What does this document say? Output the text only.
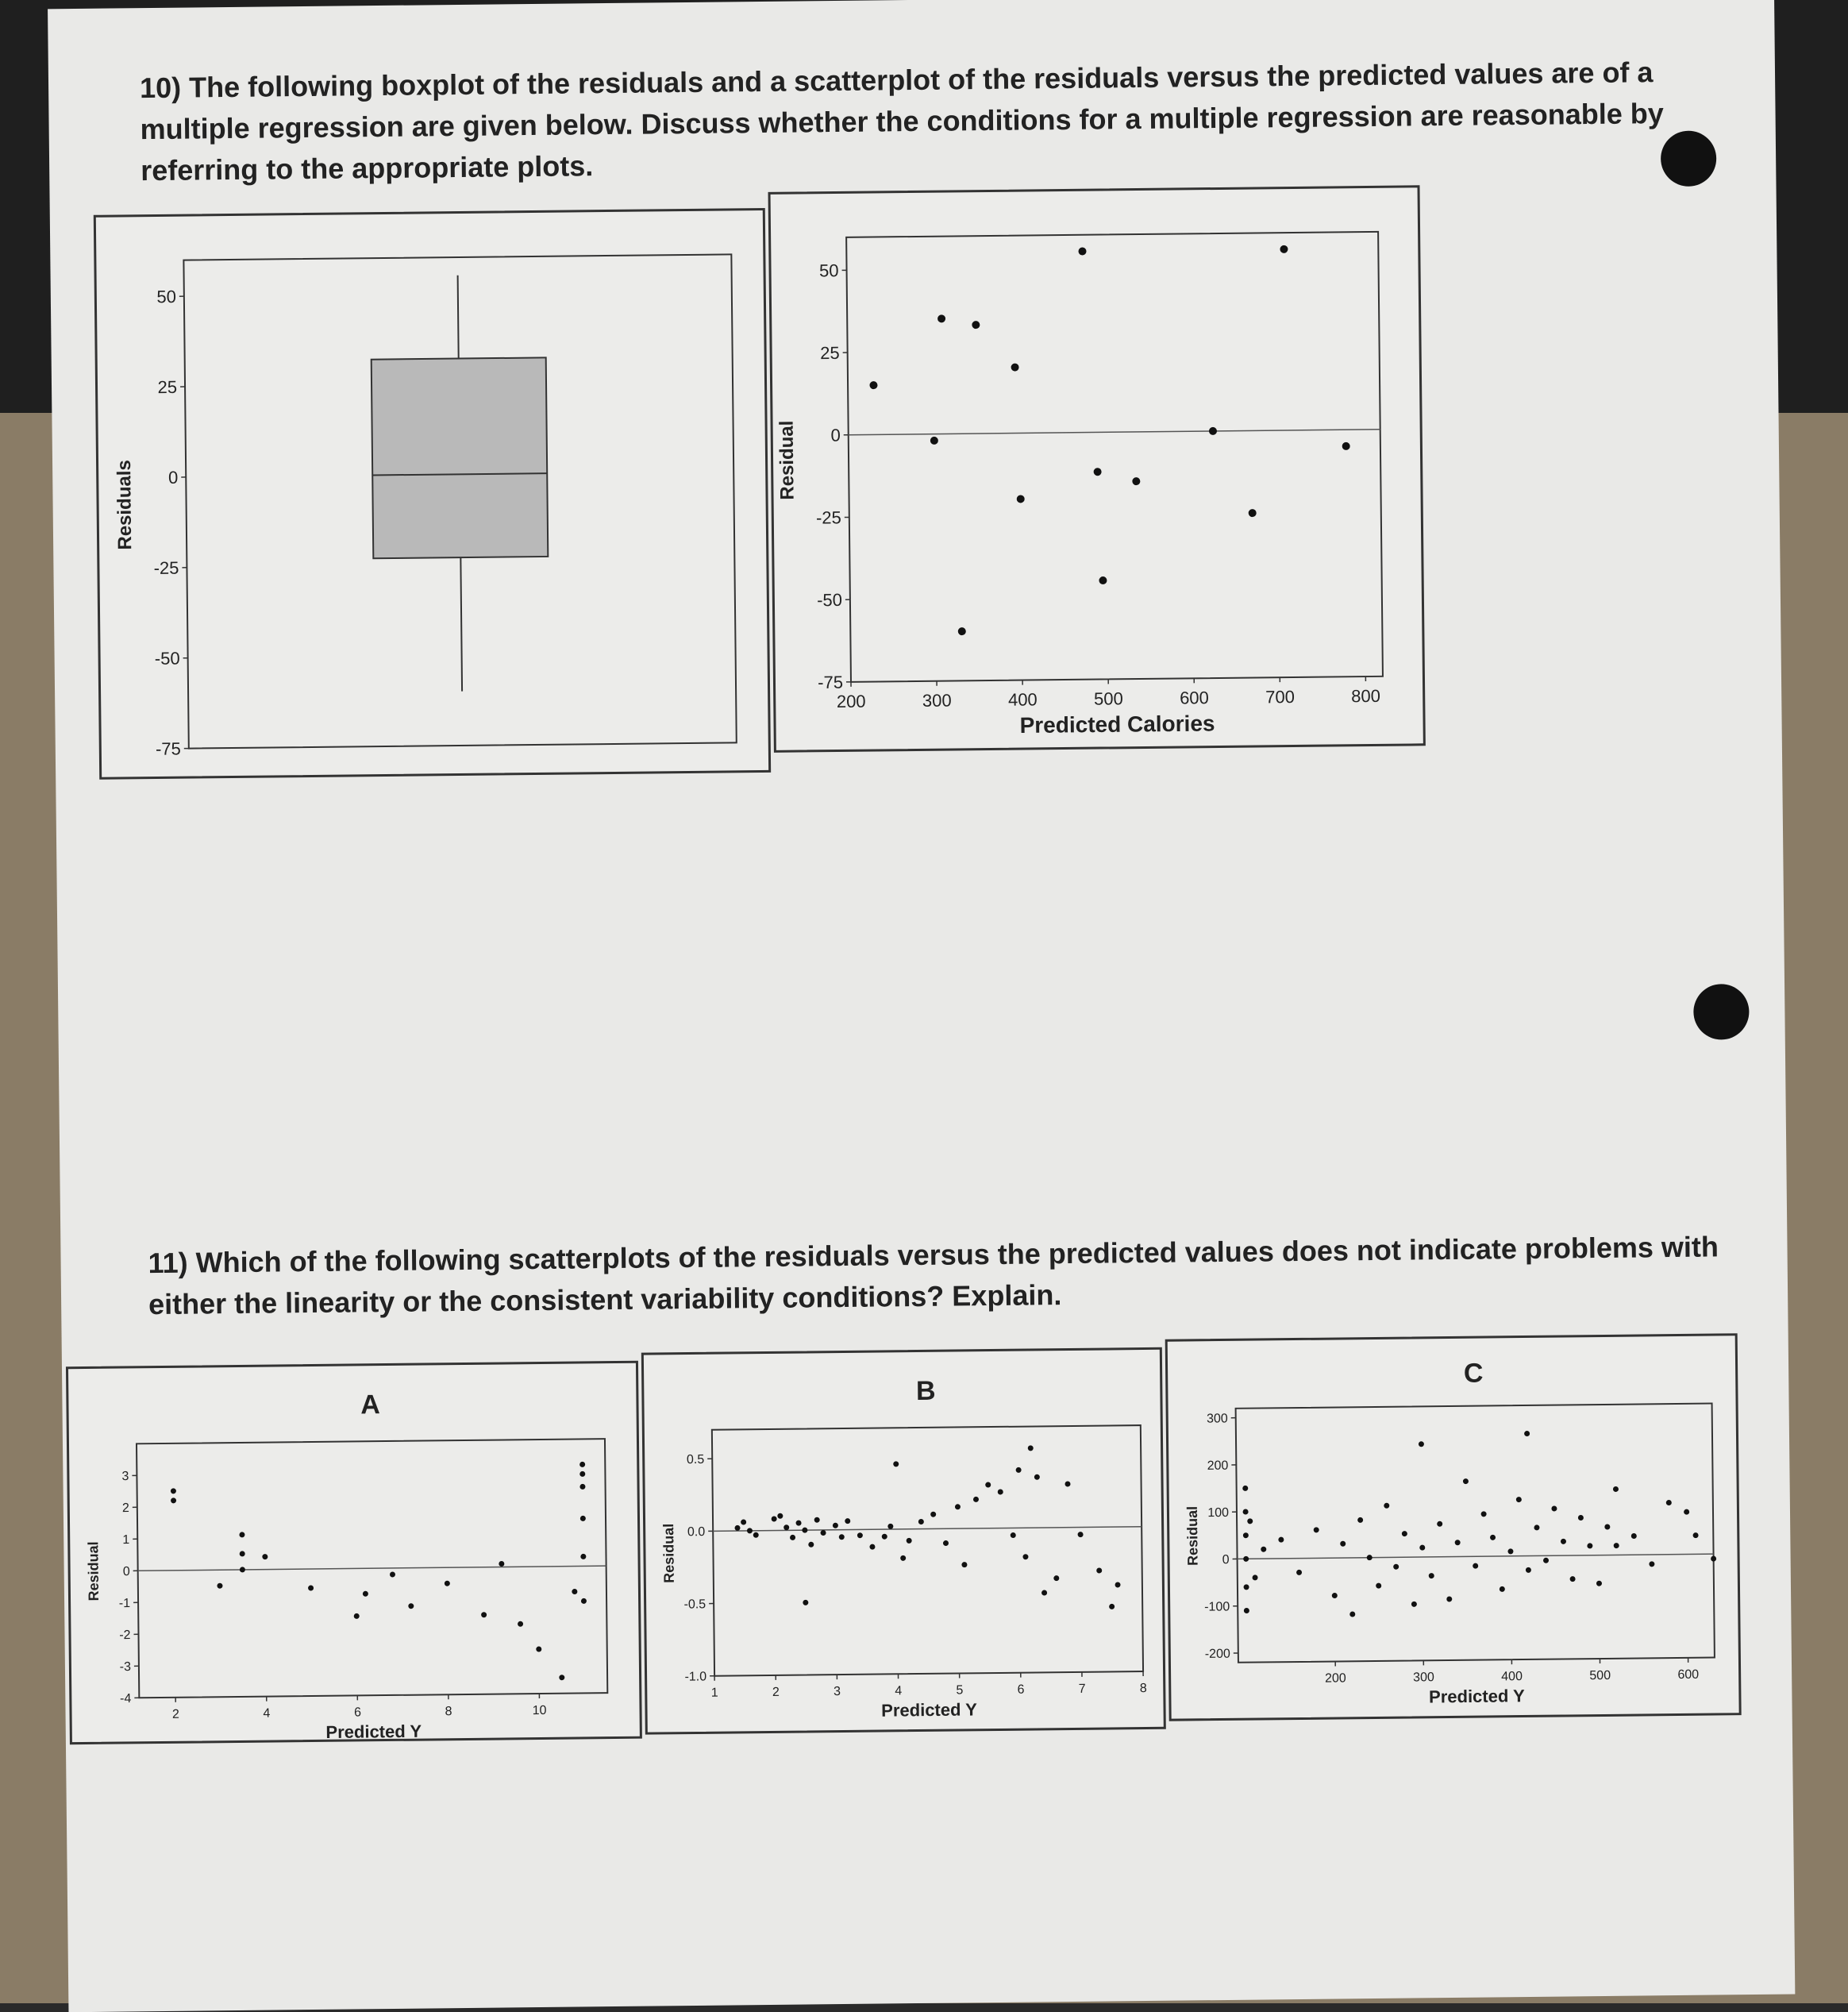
10) The following boxplot of the residuals and a scatterplot of the residuals versus the predicted values are of a multiple regression are given below. Discuss whether the conditions for a multiple regression are reasonable by referring to the appropriate plots.
50
25
0
-25
-50
-75
Residuals
50
25
0
-25
-50
-75
Residual
200	300	400	500	600	700	800
Predicted Calories
11) Which of the following scatterplots of the residuals versus the predicted values does not indicate problems with either the linearity or the consistent variability conditions? Explain.
A
3
2
1
0
-1
-2
-3
-4
Residual
2	4	6	8	10
Predicted Y
B
0.5
0.0
-0.5
-1.0
Residual
1	2	3	4	5	6	7	8
Predicted Y
C
300
200
100
0
-100
-200
Residual
200	300	400	500	600
Predicted Y
